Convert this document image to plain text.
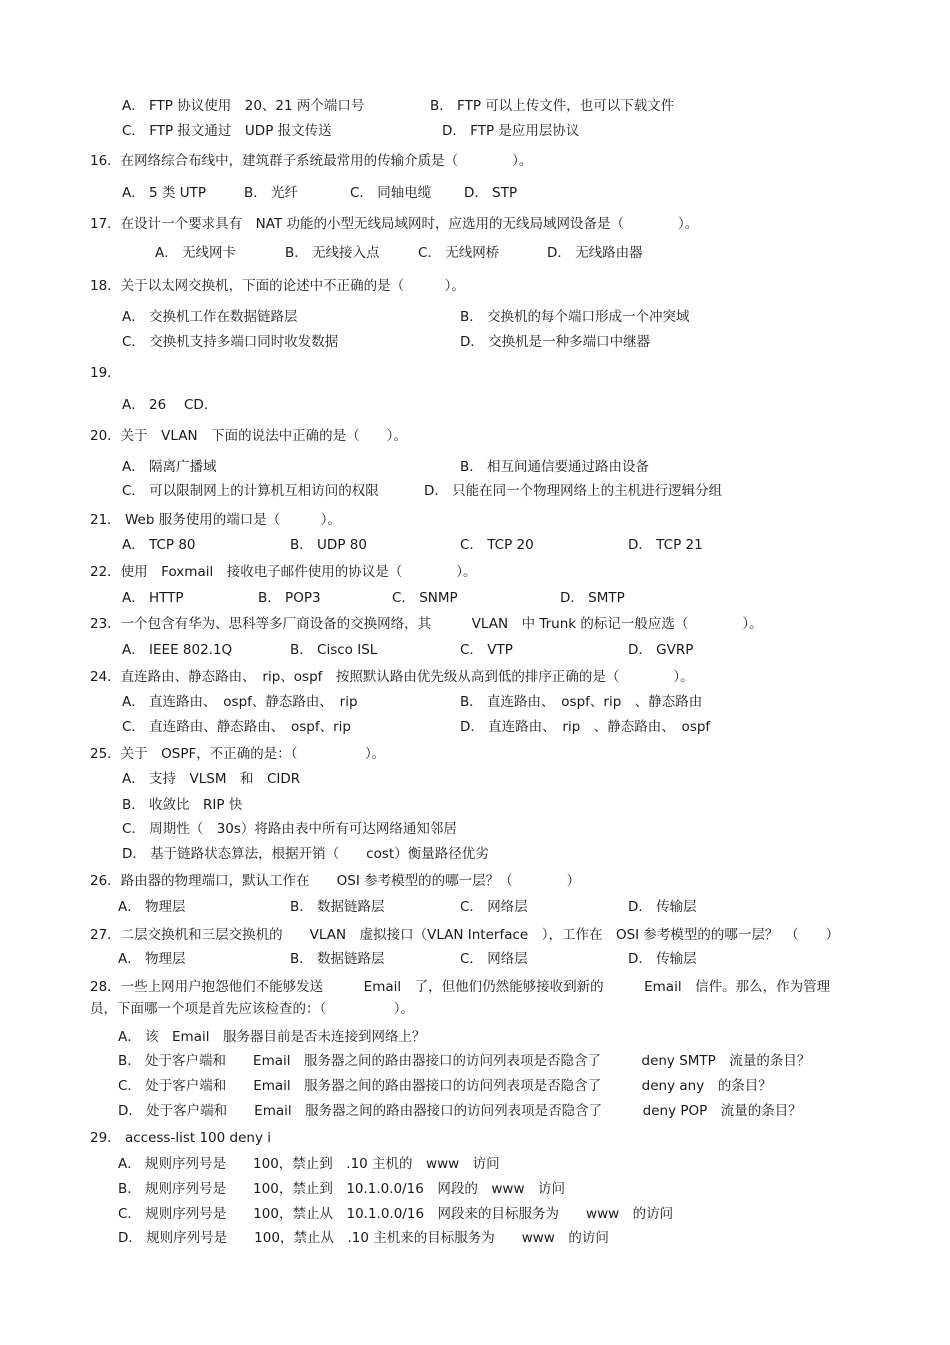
A． FTP 协议使用　20、21 两个端口号	B． FTP 可以上传文件，也可以下载文件
C． FTP 报文通过　UDP 报文传送	D． FTP 是应用层协议
16．在网络综合布线中，建筑群子系统最常用的传输介质是（　　　　）。
A． 5 类 UTP	B． 光纤	C． 同轴电缆 D． STP
17．在设计一个要求具有　NAT 功能的小型无线局域网时，应选用的无线局域网设备是（　　　　）。
A． 无线网卡	B． 无线接入点	C． 无线网桥	D． 无线路由器
18．关于以太网交换机，下面的论述中不正确的是（　　　）。
A． 交换机工作在数据链路层	B． 交换机的每个端口形成一个冲突域
C． 交换机支持多端口同时收发数据	D． 交换机是一种多端口中继器
19．
A． 26　 CD．
20．关于　VLAN　下面的说法中正确的是（　　）。
A． 隔离广播域	B． 相互间通信要通过路由设备
C． 可以限制网上的计算机互相访问的权限	D． 只能在同一个物理网络上的主机进行逻辑分组
21． Web 服务使用的端口是（　　　）。
A． TCP 80	B． UDP 80	C． TCP 20	D． TCP 21
22．使用　Foxmail　接收电子邮件使用的协议是（　　　　）。
A． HTTP	B． POP3	C． SNMP	D． SMTP
23．一个包含有华为、思科等多厂商设备的交换网络，其　　　VLAN　中 Trunk 的标记一般应选（　　　　）。
A． IEEE 802.1Q	B． Cisco ISL	C． VTP	D． GVRP
24．直连路由、静态路由、　rip、ospf　按照默认路由优先级从高到低的排序正确的是（　　　　）。
A． 直连路由、　ospf、静态路由、　rip	B． 直连路由、　ospf、rip　、静态路由
C． 直连路由、静态路由、　ospf、rip	D． 直连路由、　rip　、静态路由、　ospf
25．关于　OSPF，不正确的是：（　　　　　）。
A． 支持　VLSM　和　CIDR
B． 收敛比　RIP 快
C． 周期性（　30s）将路由表中所有可达网络通知邻居
D． 基于链路状态算法，根据开销（　　cost）衡量路径优劣
26．路由器的物理端口，默认工作在　　OSI 参考模型的的哪一层？（　　　　）
A． 物理层	B． 数据链路层	C． 网络层	D． 传输层
27．二层交换机和三层交换机的　　VLAN　虚拟接口（VLAN Interface　），工作在　OSI 参考模型的的哪一层？　（　　）
A． 物理层	B． 数据链路层	C． 网络层	D． 传输层
28．一些上网用户抱怨他们不能够发送　　　Email　了，但他们仍然能够接收到新的　　　Email　信件。那么，作为管理
员，下面哪一个项是首先应该检查的：（　　　　　）。
A． 该　Email　服务器目前是否未连接到网络上？
B． 处于客户端和　　Email　服务器之间的路由器接口的访问列表项是否隐含了　　　deny SMTP　流量的条目？
C． 处于客户端和　　Email　服务器之间的路由器接口的访问列表项是否隐含了　　　deny any　的条目？
D． 处于客户端和　　Email　服务器之间的路由器接口的访问列表项是否隐含了　　　deny POP　流量的条目？
29． access-list 100 deny i
A． 规则序列号是　　100，禁止到　.10 主机的　www　访问
B． 规则序列号是　　100，禁止到　10.1.0.0/16　网段的　www　访问
C． 规则序列号是　　100，禁止从　10.1.0.0/16　网段来的目标服务为　　www　的访问
D． 规则序列号是　　100，禁止从　.10 主机来的目标服务为　　www　的访问
